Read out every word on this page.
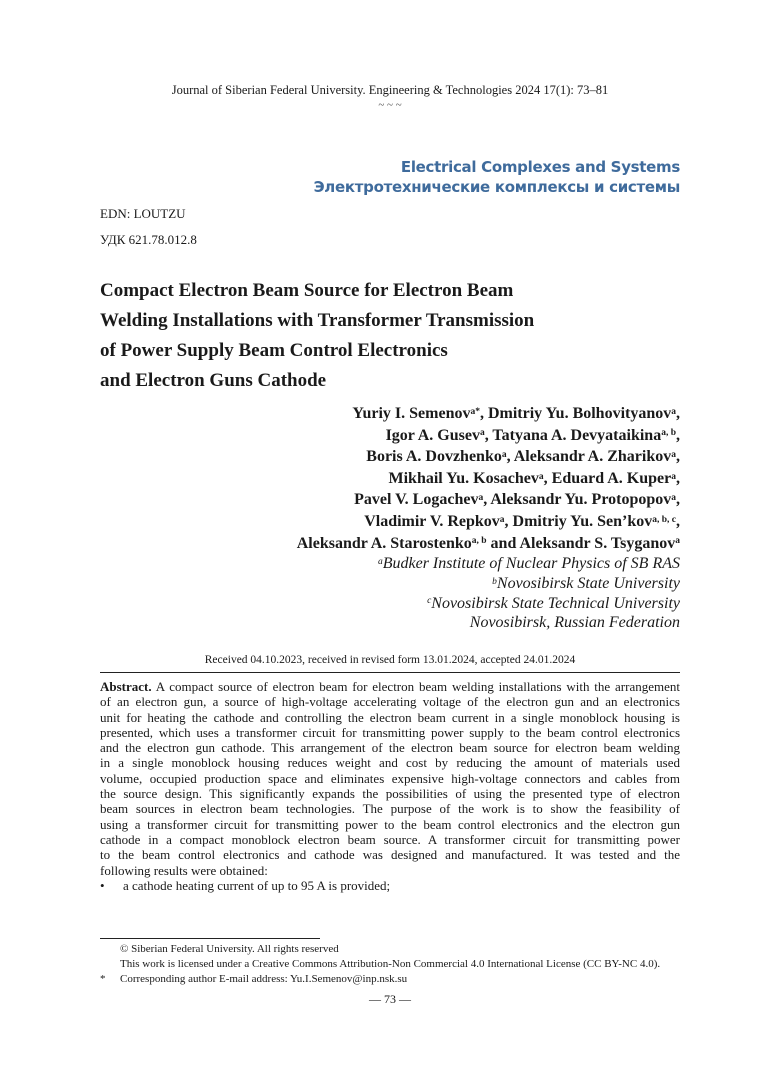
Journal of Siberian Federal University. Engineering & Technologies 2024 17(1): 73–81
~ ~ ~
Electrical Complexes and Systems
Электротехнические комплексы и системы
EDN: LOUTZU
УДК 621.78.012.8
Compact Electron Beam Source for Electron Beam
Welding Installations with Transformer Transmission
of Power Supply Beam Control Electronics
and Electron Guns Cathode
Yuriy I. Semenov$^{a*}$, Dmitriy Yu. Bolhovityanov$^a$,
Igor A. Gusev$^a$, Tatyana A. Devyataikina$^{a, b}$,
Boris A. Dovzhenko$^a$, Aleksandr A. Zharikov$^a$,
Mikhail Yu. Kosachev$^a$, Eduard A. Kuper$^a$,
Pavel V. Logachev$^a$, Aleksandr Yu. Protopopov$^a$,
Vladimir V. Repkov$^a$, Dmitriy Yu. Sen’kov$^{a, b, c}$,
Aleksandr A. Starostenko$^{a, b}$ and Aleksandr S. Tsyganov$^a$
$^a$Budker Institute of Nuclear Physics of SB RAS
$^b$Novosibirsk State University
$^c$Novosibirsk State Technical University
Novosibirsk, Russian Federation
Received 04.10.2023, received in revised form 13.01.2024, accepted 24.01.2024
Abstract. A compact source of electron beam for electron beam welding installations with the arrangement
of an electron gun, a source of high-voltage accelerating voltage of the electron gun and an electronics
unit for heating the cathode and controlling the electron beam current in a single monoblock housing is
presented, which uses a transformer circuit for transmitting power supply to the beam control electronics
and the electron gun cathode. This arrangement of the electron beam source for electron beam welding
in a single monoblock housing reduces weight and cost by reducing the amount of materials used
volume, occupied production space and eliminates expensive high-voltage connectors and cables from
the source design. This significantly expands the possibilities of using the presented type of electron
beam sources in electron beam technologies. The purpose of the work is to show the feasibility of
using a transformer circuit for transmitting power to the beam control electronics and the electron gun
cathode in a compact monoblock electron beam source. A transformer circuit for transmitting power
to the beam control electronics and cathode was designed and manufactured. It was tested and the
following results were obtained:
•	a cathode heating current of up to 95 A is provided;
© Siberian Federal University. All rights reserved
This work is licensed under a Creative Commons Attribution-Non Commercial 4.0 International License (CC BY-NC 4.0).
*	Corresponding author E-mail address: Yu.I.Semenov@inp.nsk.su
— 73 —
